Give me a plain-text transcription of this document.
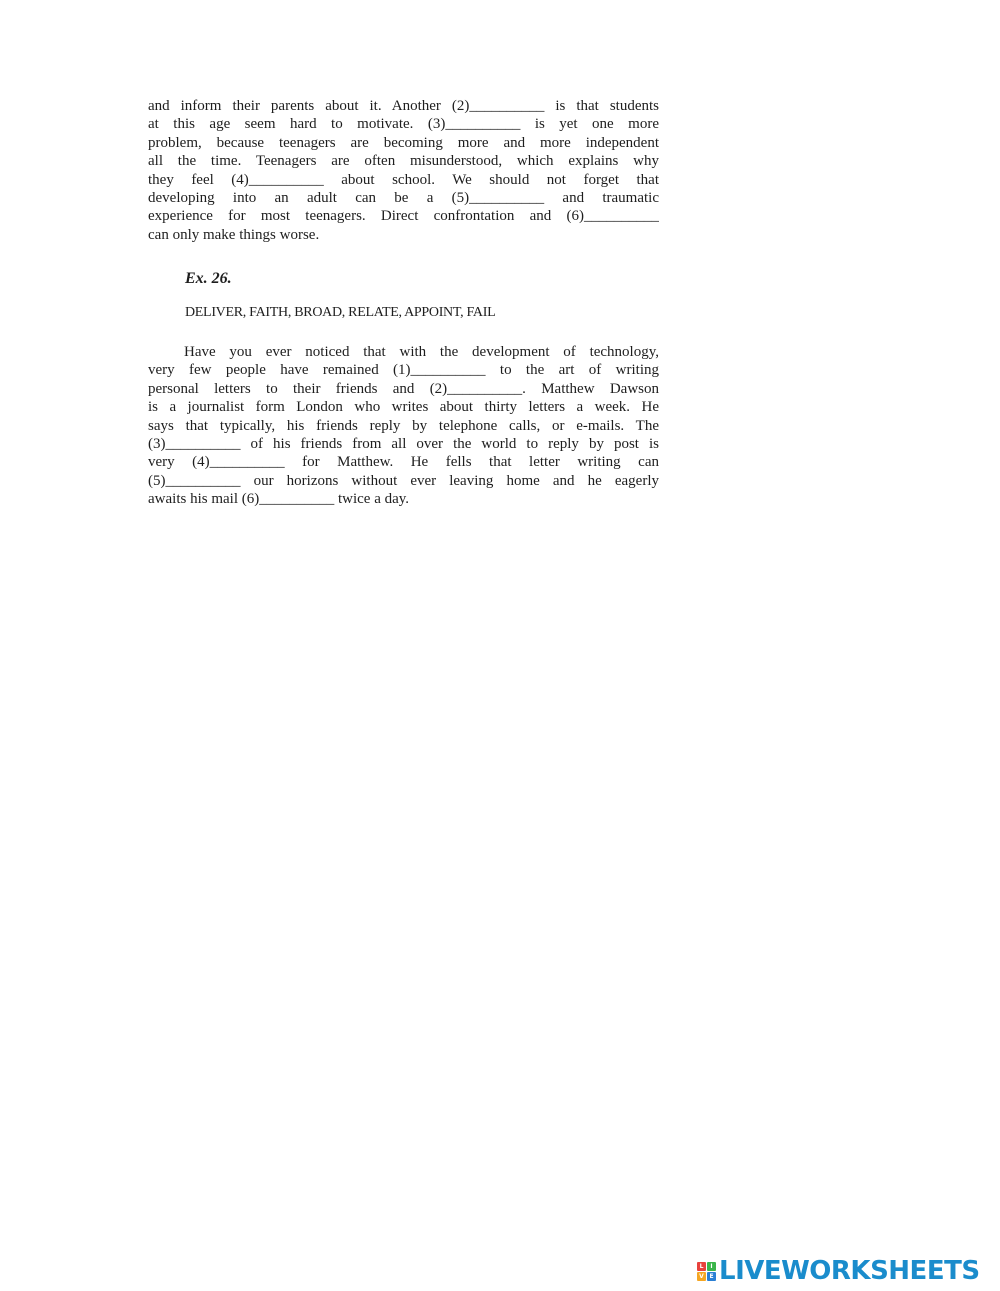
and inform their parents about it. Another (2)__________ is that students
at this age seem hard to motivate. (3)__________ is yet one more
problem, because teenagers are becoming more and more independent
all the time. Teenagers are often misunderstood, which explains why
they feel (4)__________ about school. We should not forget that
developing into an adult can be a (5)__________ and traumatic
experience for most teenagers. Direct confrontation and (6)__________
can only make things worse.

Ex. 26.

DELIVER, FAITH, BROAD, RELATE, APPOINT, FAIL

Have you ever noticed that with the development of technology,
very few people have remained (1)__________ to the art of writing
personal letters to their friends and (2)__________. Matthew Dawson
is a journalist form London who writes about thirty letters a week. He
says that typically, his friends reply by telephone calls, or e-mails. The
(3)__________ of his friends from all over the world to reply by post is
very (4)__________ for Matthew. He fells that letter writing can
(5)__________ our horizons without ever leaving home and he eagerly
awaits his mail (6)__________ twice a day.
L	I
V E LIVEWORKSHEETS
